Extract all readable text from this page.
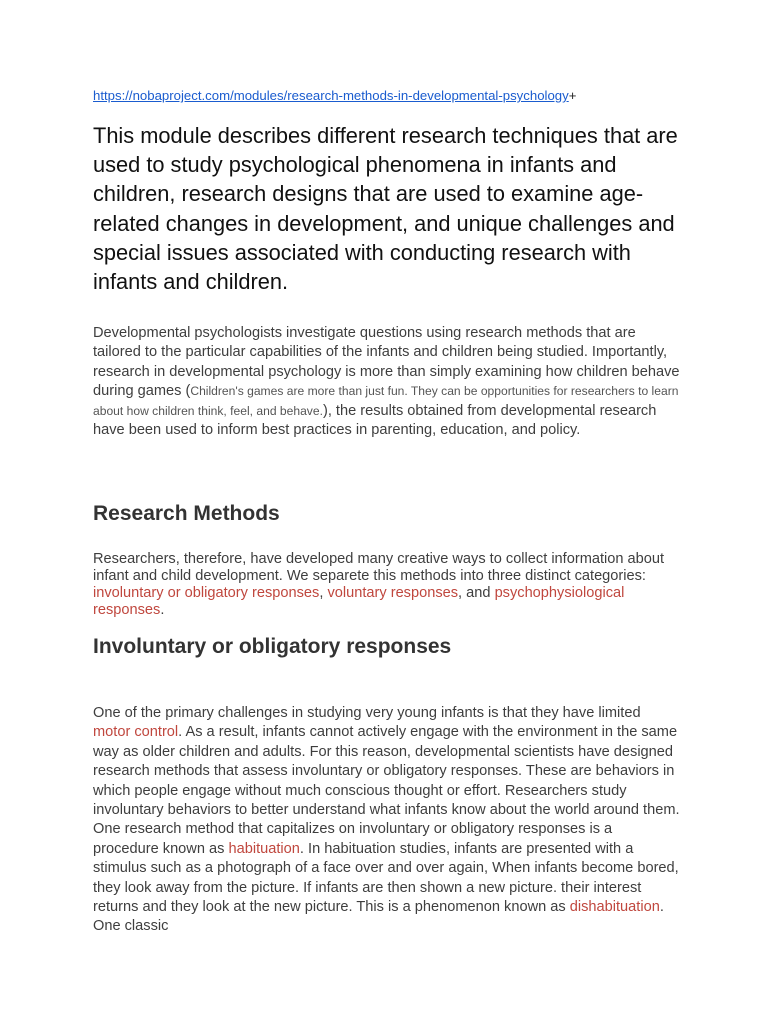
https://nobaproject.com/modules/research-methods-in-developmental-psychology+

This module describes different research techniques that are used to study psychological phenomena in infants and children, research designs that are used to examine age-related changes in development, and unique challenges and special issues associated with conducting research with infants and children.

Developmental psychologists investigate questions using research methods that are tailored to the particular capabilities of the infants and children being studied. Importantly, research in developmental psychology is more than simply examining how children behave during games (Children's games are more than just fun. They can be opportunities for researchers to learn about how children think, feel, and behave.), the results obtained from developmental research have been used to inform best practices in parenting, education, and policy.

Research Methods

Researchers, therefore, have developed many creative ways to collect information about infant and child development. We separete this methods into three distinct categories: involuntary or obligatory responses, voluntary responses, and psychophysiological responses.

Involuntary or obligatory responses

One of the primary challenges in studying very young infants is that they have limited motor control. As a result, infants cannot actively engage with the environment in the same way as older children and adults. For this reason, developmental scientists have designed research methods that assess involuntary or obligatory responses. These are behaviors in which people engage without much conscious thought or effort. Researchers study involuntary behaviors to better understand what infants know about the world around them. One research method that capitalizes on involuntary or obligatory responses is a procedure known as habituation. In habituation studies, infants are presented with a stimulus such as a photograph of a face over and over again, When infants become bored, they look away from the picture. If infants are then shown a new picture. their interest returns and they look at the new picture. This is a phenomenon known as dishabituation. One classic
